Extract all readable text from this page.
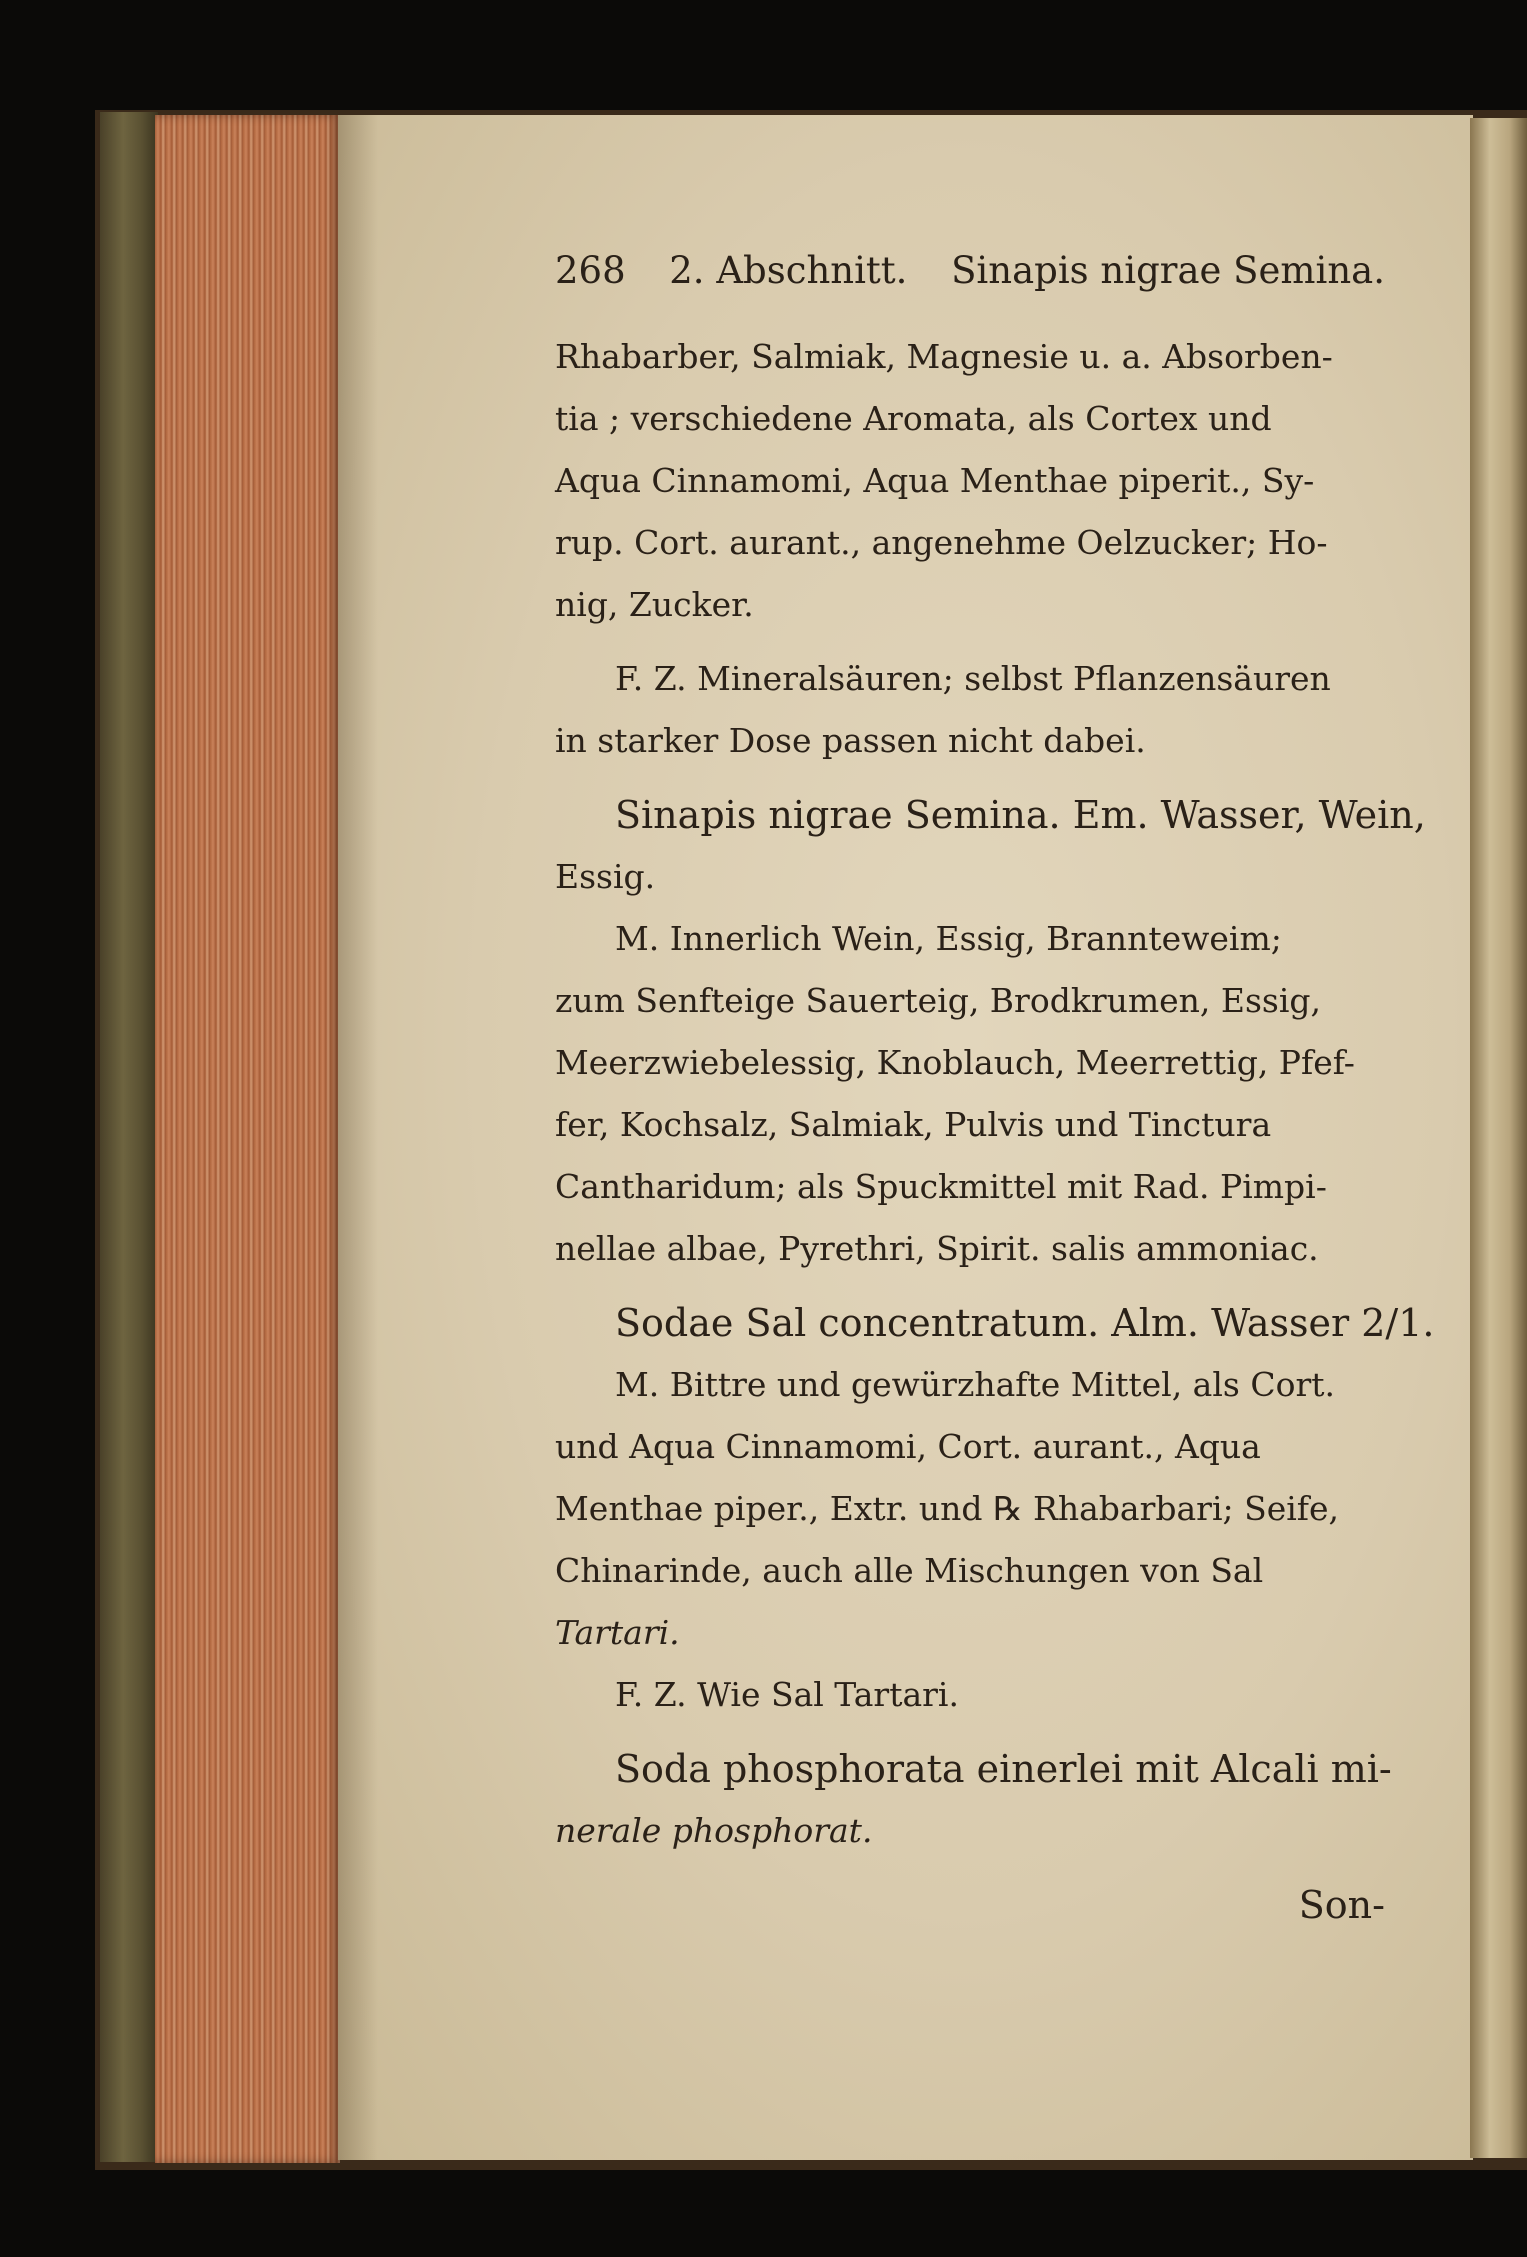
268 2. Abschnitt. Sinapis nigrae Semina.
Rhabarber, Salmiak, Magnesie u. a. Absorben-
tia ; verschiedene Aromata, als Cortex und
Aqua Cinnamomi, Aqua Menthae piperit., Sy-
rup. Cort. aurant., angenehme Oelzucker; Ho-
nig, Zucker.
F. Z. Mineralsäuren; selbst Pflanzensäuren
in starker Dose passen nicht dabei.
Sinapis nigrae Semina. Em. Wasser, Wein,
Essig.
M. Innerlich Wein, Essig, Brannteweim;
zum Senfteige Sauerteig, Brodkrumen, Essig,
Meerzwiebelessig, Knoblauch, Meerrettig, Pfef-
fer, Kochsalz, Salmiak, Pulvis und Tinctura
Cantharidum; als Spuckmittel mit Rad. Pimpi-
nellae albae, Pyrethri, Spirit. salis ammoniac.
Sodae Sal concentratum. Alm. Wasser 2/1.
M. Bittre und gewürzhafte Mittel, als Cort.
und Aqua Cinnamomi, Cort. aurant., Aqua
Menthae piper., Extr. und ℞ Rhabarbari; Seife,
Chinarinde, auch alle Mischungen von Sal
Tartari.
F. Z. Wie Sal Tartari.
Soda phosphorata einerlei mit Alcali mi-
nerale phosphorat.
Son-
